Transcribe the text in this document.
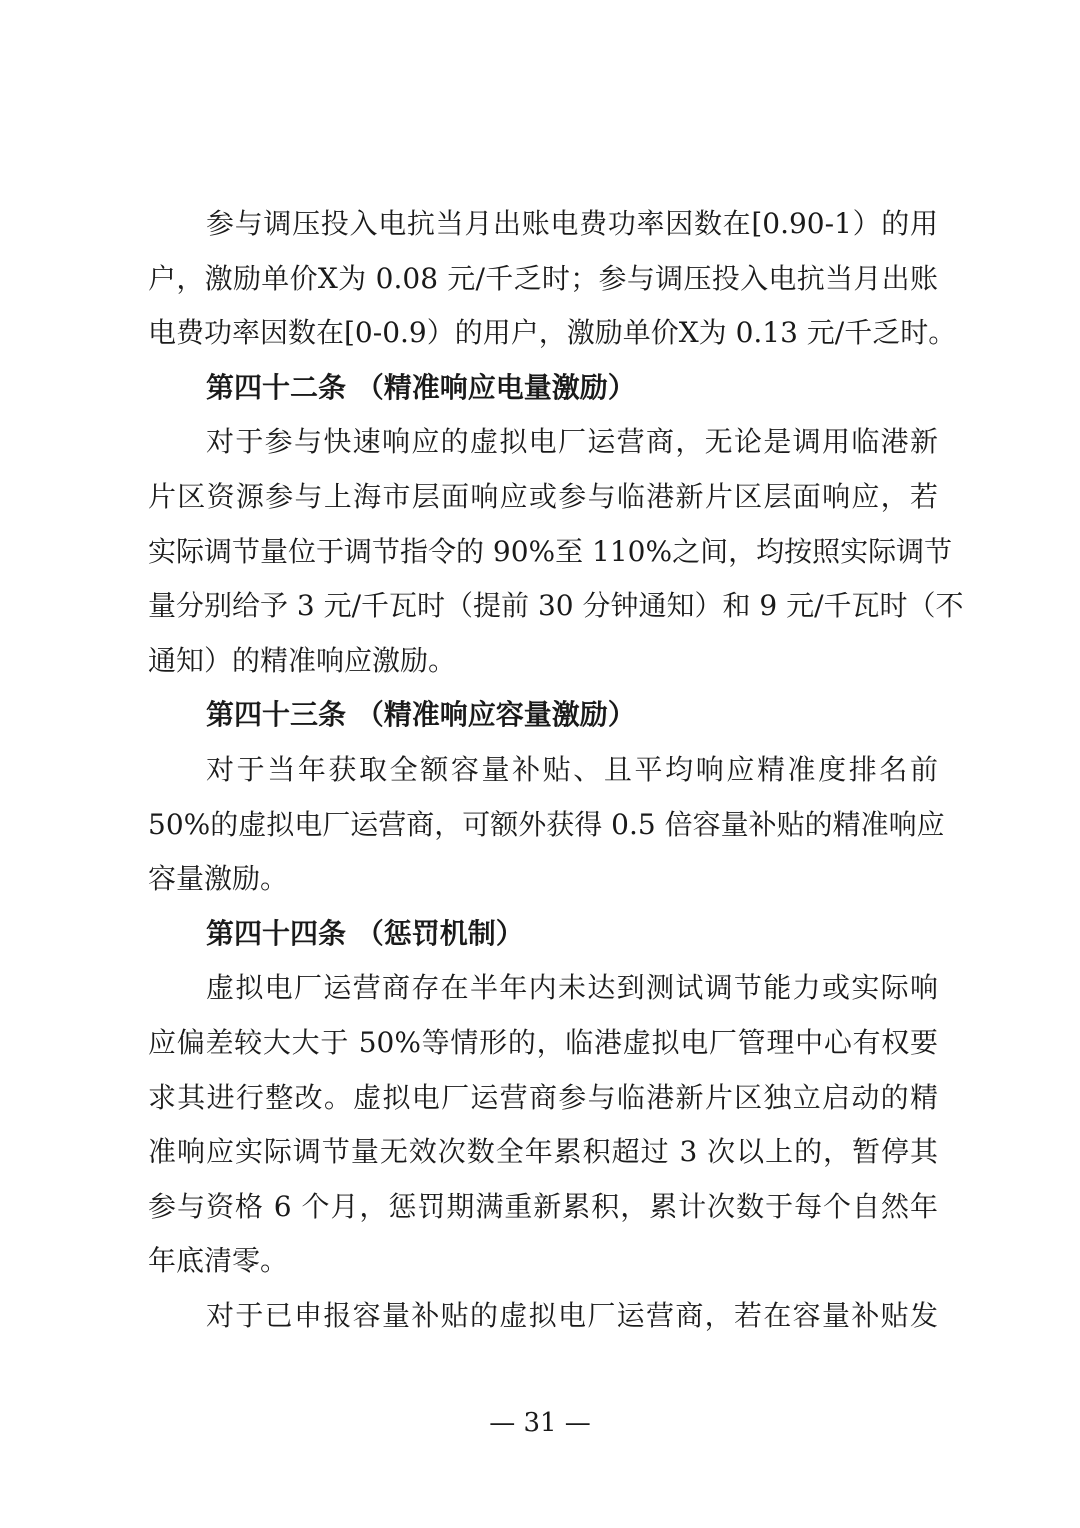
参与调压投入电抗当月出账电费功率因数在[0.90-1）的用
户，激励单价X为 0.08 元/千乏时；参与调压投入电抗当月出账
电费功率因数在[0-0.9）的用户，激励单价X为 0.13 元/千乏时。
第四十二条 （精准响应电量激励）
对于参与快速响应的虚拟电厂运营商，无论是调用临港新
片区资源参与上海市层面响应或参与临港新片区层面响应，若
实际调节量位于调节指令的 90%至 110%之间，均按照实际调节
量分别给予 3 元/千瓦时（提前 30 分钟通知）和 9 元/千瓦时（不
通知）的精准响应激励。
第四十三条 （精准响应容量激励）
对于当年获取全额容量补贴、且平均响应精准度排名前
50%的虚拟电厂运营商，可额外获得 0.5 倍容量补贴的精准响应
容量激励。
第四十四条 （惩罚机制）
虚拟电厂运营商存在半年内未达到测试调节能力或实际响
应偏差较大大于 50%等情形的，临港虚拟电厂管理中心有权要
求其进行整改。虚拟电厂运营商参与临港新片区独立启动的精
准响应实际调节量无效次数全年累积超过 3 次以上的，暂停其
参与资格 6 个月，惩罚期满重新累积，累计次数于每个自然年
年底清零。
对于已申报容量补贴的虚拟电厂运营商，若在容量补贴发
— 31 —
